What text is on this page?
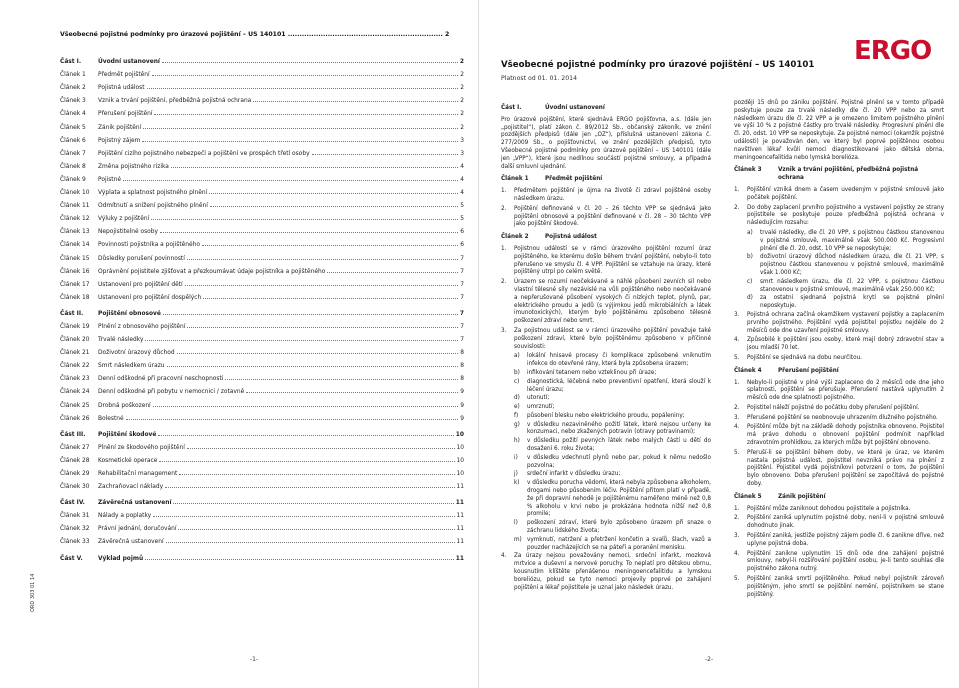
Všeobecné pojistné podmínky pro úrazové pojištění – US 140101 .................................................................. 2
Část I.	Úvodní ustanovení	2
Článek 1	Předmět pojištění	2
Článek 2	Pojistná událost	2
Článek 3	Vznik a trvání pojištění, předběžná pojistná ochrana	2
Článek 4	Přerušení pojištění	2
Článek 5	Zánik pojištění	2
Článek 6	Pojistný zájem	3
Článek 7	Pojištění cizího pojistného nebezpečí a pojištění ve prospěch třetí osoby	3
Článek 8	Změna pojistného rizika	4
Článek 9	Pojistné	4
Článek 10	Výplata a splatnost pojistného plnění	4
Článek 11	Odmítnutí a snížení pojistného plnění	5
Článek 12	Výluky z pojištění	5
Článek 13	Nepojistitelné osoby	6
Článek 14	Povinnosti pojistníka a pojištěného	6
Článek 15	Důsledky porušení povinností	7
Článek 16	Oprávnění pojistitele zjišťovat a přezkoumávat údaje pojistníka a pojištěného	7
Článek 17	Ustanovení pro pojištění dětí	7
Článek 18	Ustanovení pro pojištění dospělých	7
Část II.	Pojištění obnosové	7
Článek 19	Plnění z obnosového pojištění	7
Článek 20	Trvalé následky	7
Článek 21	Doživotní úrazový důchod	8
Článek 22	Smrt následkem úrazu	8
Článek 23	Denní odškodné při pracovní neschopnosti	8
Článek 24	Denní odškodné při pobytu v nemocnici / zotavně	9
Článek 25	Drobná poškození	9
Článek 26	Bolestné	9
Část III.	Pojištění škodové	10
Článek 27	Plnění ze škodového pojištění	10
Článek 28	Kosmetické operace	10
Článek 29	Rehabilitační management	10
Článek 30	Zachraňovací náklady	11
Část IV.	Závěrečná ustanovení	11
Článek 31	Nálady a poplatky	11
Článek 32	Právní jednání, doručování	11
Článek 33	Závěrečná ustanovení	11
Část V.	Výklad pojmů	11
ORD 303 01 14
-1-
ERGO
Všeobecné pojistné podmínky pro úrazové pojištění – US 140101
Platnost od 01. 01. 2014
Část I.	Úvodní ustanovení
Pro úrazové pojištění, které sjednává ERGO pojišťovna, a.s. (dále jen „pojistitel“), platí zákon č. 89/2012 Sb., občanský zákoník, ve znění pozdějších předpisů (dále jen „OZ“), příslušná ustanovení zákona č. 277/2009 Sb., o pojišťovnictví, ve znění pozdějších předpisů, tyto Všeobecné pojistné podmínky pro úrazové pojištění – US 140101 (dále jen „VPP“), které jsou nedílnou součástí pojistné smlouvy, a případná další smluvní ujednání.
Článek 1	Předmět pojištění
1.	Předmětem pojištění je újma na životě či zdraví pojištěné osoby následkem úrazu.
2.	Pojištění definované v čl. 20 – 26 těchto VPP se sjednává jako pojištění obnosové a pojištění definované v čl. 28 – 30 těchto VPP jako pojištění škodové.
Článek 2	Pojistná událost
1.	Pojistnou událostí se v rámci úrazového pojištění rozumí úraz pojištěného, ke kterému došlo během trvání pojištění, nebylo-li toto přerušeno ve smyslu čl. 4 VPP. Pojištění se vztahuje na úrazy, které pojištěný utrpí po celém světě.
2.	Úrazem se rozumí neočekávané a náhlé působení zevních sil nebo vlastní tělesné síly nezávislé na vůli pojištěného nebo neočekávané a nepřerušované působení vysokých či nízkých teplot, plynů, par, elektrického proudu a jedů (s výjimkou jedů mikrobiálních a látek imunotoxických), kterým bylo pojištěnému způsobeno tělesné poškození zdraví nebo smrt.
3.	Za pojistnou událost se v rámci úrazového pojištění považuje také poškození zdraví, které bylo pojištěnému způsobeno v příčinné souvislosti:
a)	lokální hnisavé procesy či komplikace způsobené vniknutím infekce do otevřené rány, která byla způsobena úrazem;
b)	infikování tetanem nebo vzteklinou při úraze;
c)	diagnostická, léčebná nebo preventivní opatření, která slouží k léčení úrazu;
d)	utonutí;
e)	umrznutí;
f)	působení blesku nebo elektrického proudu, popáleniny;
g)	v důsledku nezaviněného požití látek, které nejsou určeny ke konzumaci, nebo zkažených potravin (otravy potravinami);
h)	v důsledku požití pevných látek nebo malých částí u dětí do dosažení 6. roku života;
i)	v důsledku vdechnutí plynů nebo par, pokud k němu nedošlo pozvolna;
j)	srdeční infarkt v důsledku úrazu;
k)	v důsledku porucha vědomí, která nebyla způsobena alkoholem, drogami nebo působením léčiv. Pojištění přitom platí v případě, že při dopravní nehodě je pojištěnému naměřeno méně než 0,8 % alkoholu v krvi nebo je prokázána hodnota nižší než 0,8 promile;
l)	poškození zdraví, které bylo způsobeno úrazem při snaze o záchranu lidského života;
m) vymknutí, natržení a přetržení končetin a svalů, šlach, vazů a pouzder nacházejících se na páteři a poranění menisku.
4.	Za úrazy nejsou považovány nemoci, srdeční infarkt, mozková mrtvice a duševní a nervové poruchy. To neplatí pro dětskou obrnu, kousnutím klíštěte přenášenou meningoencefalitidu a lymskou boreliózu, pokud se tyto nemoci projevily poprvé po zahájení pojištění a lékař pojistitele je uznal jako následek úrazu.
později 15 dnů po zániku pojištění. Pojistné plnění se v tomto případě poskytuje pouze za trvalé následky dle čl. 20 VPP nebo za smrt následkem úrazu dle čl. 22 VPP a je omezeno limitem pojistného plnění ve výši 10 % z pojistné částky pro trvalé následky. Progresivní plnění dle čl. 20, odst. 10 VPP se neposkytuje. Za pojistné nemoci (okamžik pojistné události) je považován den, ve který byl poprvé pojištěnou osobou navštíven lékař kvůli nemoci diagnostikované jako dětská obrna, meningoencefalitida nebo lymská borelióza.
Článek 3	Vznik a trvání pojištění, předběžná pojistná ochrana
1.	Pojištění vzniká dnem a časem uvedeným v pojistné smlouvě jako počátek pojištění.
2.	Do doby zaplacení prvního pojistného a vystavení pojistky ze strany pojistitele se poskytuje pouze předběžná pojistná ochrana v následujícím rozsahu:
a)	trvalé následky, dle čl. 20 VPP, s pojistnou částkou stanovenou v pojistné smlouvě, maximálně však 500.000 Kč. Progresivní plnění dle čl. 20, odst. 10 VPP se neposkytuje;
b)	doživotní úrazový důchod následkem úrazu, dle čl. 21 VPP, s pojistnou částkou stanovenou v pojistné smlouvě, maximálně však 1.000 Kč;
c)	smrt následkem úrazu, dle čl. 22 VPP, s pojistnou částkou stanovenou v pojistné smlouvě, maximálně však 250.000 Kč;
d)	za ostatní sjednaná pojistná krytí se pojistné plnění neposkytuje.
3.	Pojistná ochrana začíná okamžikem vystavení pojistky a zaplacením prvního pojistného. Pojištění vydá pojistitel pojistku nejdéle do 2 měsíců ode dne uzavření pojistné smlouvy.
4.	Způsobilé k pojištění jsou osoby, které mají dobrý zdravotní stav a jsou mladší 70 let.
5.	Pojištění se sjednává na dobu neurčitou.
Článek 4	Přerušení pojištění
1.	Nebylo-li pojistné v plné výši zaplaceno do 2 měsíců ode dne jeho splatnosti, pojištění se přerušuje. Přerušení nastává uplynutím 2 měsíců ode dne splatnosti pojistného.
2.	Pojistitel náleží pojistné do počátku doby přerušení pojištění.
3.	Přerušené pojištění se neobnovuje uhrazením dlužného pojistného.
4.	Pojištění může být na základě dohody pojistníka obnoveno. Pojistitel má právo dohodu o obnovení pojištění podmínit například zdravotním prohlídkou, za kterých může být pojištění obnoveno.
5.	Přeruší-li se pojištění během doby, ve které je úraz, ve kterém nastala pojistná událost, pojistitel nevzniká právo na plnění z pojištění. Pojistitel vydá pojistníkovi potvrzení o tom, že pojištění bylo obnoveno. Doba přerušení pojištění se započítává do pojistné doby.
Článek 5	Zánik pojištění
1.	Pojištění může zaniknout dohodou pojistitele a pojistníka.
2.	Pojištění zaniká uplynutím pojistné doby, není-li v pojistné smlouvě dohodnuto jinak.
3.	Pojištění zaniká, jestliže pojistný zájem podle čl. 6 zanikne dříve, než uplyne pojistná doba.
4.	Pojištění zanikne uplynutím 15 dnů ode dne zahájení pojistné smlouvy, nebyl-li rozšiřování pojištění osobu, je-li tento souhlas dle pojistného zákona nutný.
5.	Pojištění zaniká smrtí pojištěného. Pokud nebyl pojistník zároveň pojištěným, jeho smrtí se pojištění nemění, pojistníkem se stane pojištěný.
-2-
